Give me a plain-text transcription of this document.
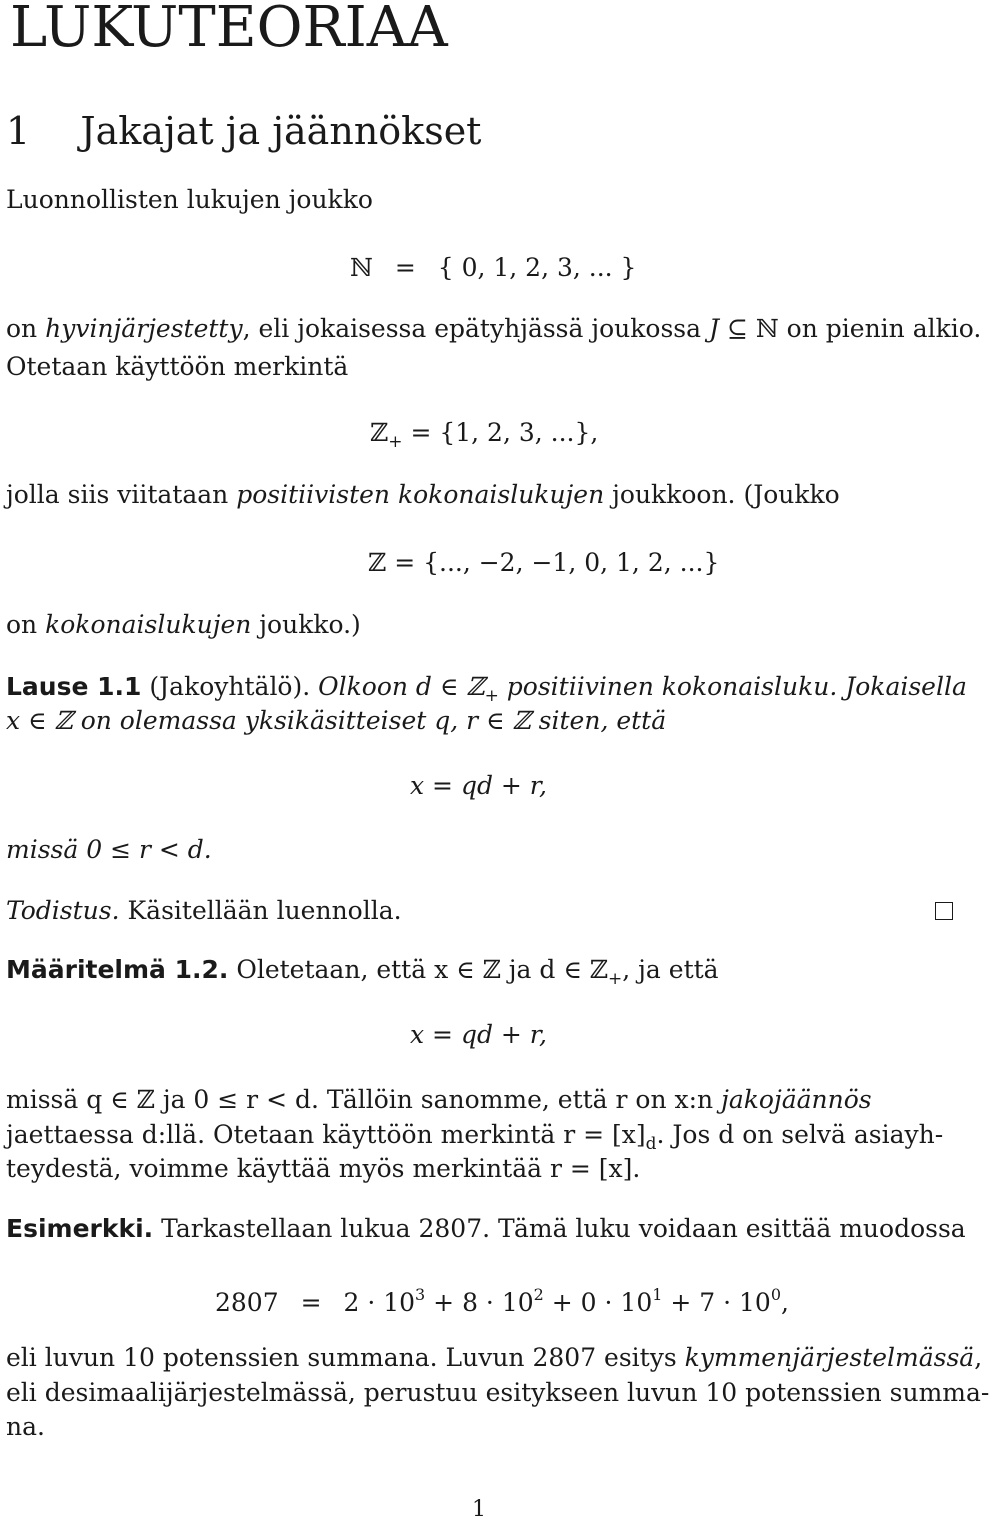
LUKUTEORIAA
1 Jakajat ja jäännökset
Luonnollisten lukujen joukko
ℕ = { 0, 1, 2, 3, ... }
on hyvinjärjestetty, eli jokaisessa epätyhjässä joukossa J ⊆ ℕ on pienin alkio.
Otetaan käyttöön merkintä
ℤ$_+$ = {1, 2, 3, ...},
jolla siis viitataan positiivisten kokonaislukujen joukkoon. (Joukko
ℤ = {..., −2, −1, 0, 1, 2, ...}
on kokonaislukujen joukko.)
Lause 1.1 (Jakoyhtälö). Olkoon d ∈ ℤ$_+$ positiivinen kokonaisluku. Jokaisella
x ∈ ℤ on olemassa yksikäsitteiset q, r ∈ ℤ siten, että
x = qd + r,
missä 0 ≤ r < d.
Todistus. Käsitellään luennolla.
Määritelmä 1.2. Oletetaan, että x ∈ ℤ ja d ∈ ℤ$_+$, ja että
x = qd + r,
missä q ∈ ℤ ja 0 ≤ r < d. Tällöin sanomme, että r on x:n jakojäännös
jaettaessa d:llä. Otetaan käyttöön merkintä $r = [x]_d$. Jos d on selvä asiayh-
teydestä, voimme käyttää myös merkintää r = [x].
Esimerkki. Tarkastellaan lukua 2807. Tämä luku voidaan esittää muodossa
$2807 = 2 \cdot 10^3 + 8 \cdot 10^2 + 0 \cdot 10^1 + 7 \cdot 10^0$,
eli luvun 10 potenssien summana. Luvun 2807 esitys kymmenjärjestelmässä,
eli desimaalijärjestelmässä, perustuu esitykseen luvun 10 potenssien summa-
na.
1
